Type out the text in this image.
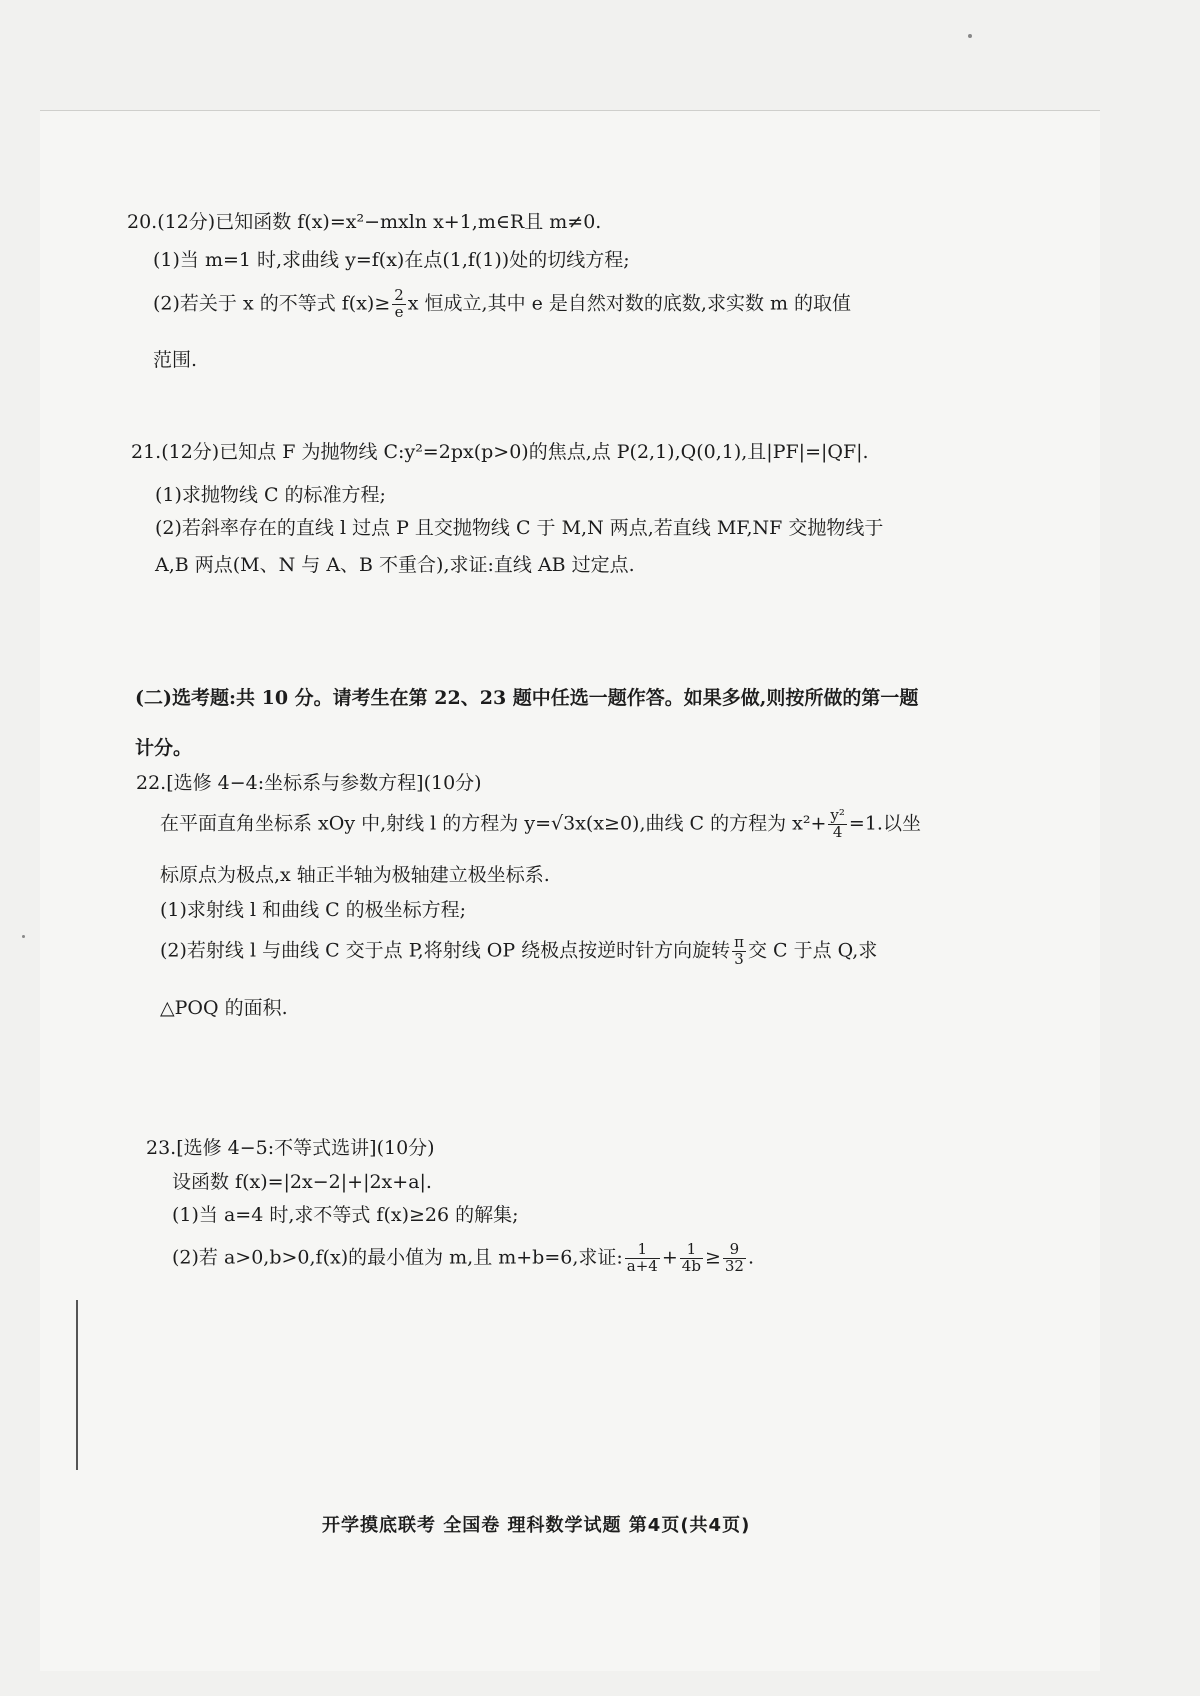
20.(12分)已知函数 f(x)=x²−mxln x+1,m∈R且 m≠0.
(1)当 m=1 时,求曲线 y=f(x)在点(1,f(1))处的切线方程;
(2)若关于 x 的不等式 $f(x)\ge \frac{2}{e}$ x 恒成立,其中 e 是自然对数的底数,求实数 m 的取值
范围.
21.(12分)已知点 F 为抛物线 C:y²=2px(p>0)的焦点,点 P(2,1),Q(0,1),且|PF|=|QF|.
(1)求抛物线 C 的标准方程;
(2)若斜率存在的直线 l 过点 P 且交抛物线 C 于 M,N 两点,若直线 MF,NF 交抛物线于
A,B 两点(M、N 与 A、B 不重合),求证:直线 AB 过定点.
(二)选考题:共 10 分。请考生在第 22、23 题中任选一题作答。如果多做,则按所做的第一题
计分。
22.[选修 4−4:坐标系与参数方程](10分)
在平面直角坐标系 xOy 中,射线 l 的方程为 y=√3x(x≥0),曲线 C 的方程为 $x^2+ \frac{\text{y²}}{4} =1$.以坐
标原点为极点,x 轴正半轴为极轴建立极坐标系.
(1)求射线 l 和曲线 C 的极坐标方程;
(2)若射线 l 与曲线 C 交于点 P,将射线 OP 绕极点按逆时针方向旋转 $\frac{\pi}{3}$ 交 C 于点 Q,求
△POQ 的面积.
23.[选修 4−5:不等式选讲](10分)
设函数 f(x)=|2x−2|+|2x+a|.
(1)当 a=4 时,求不等式 f(x)≥26 的解集;
(2)若 a>0,b>0,f(x)的最小值为 m,且 m+b=6,求证: $\frac{1}{a+4} + \frac{1}{4b} \ge \frac{9}{32}$ .
开学摸底联考 全国卷 理科数学试题 第4页(共4页)
